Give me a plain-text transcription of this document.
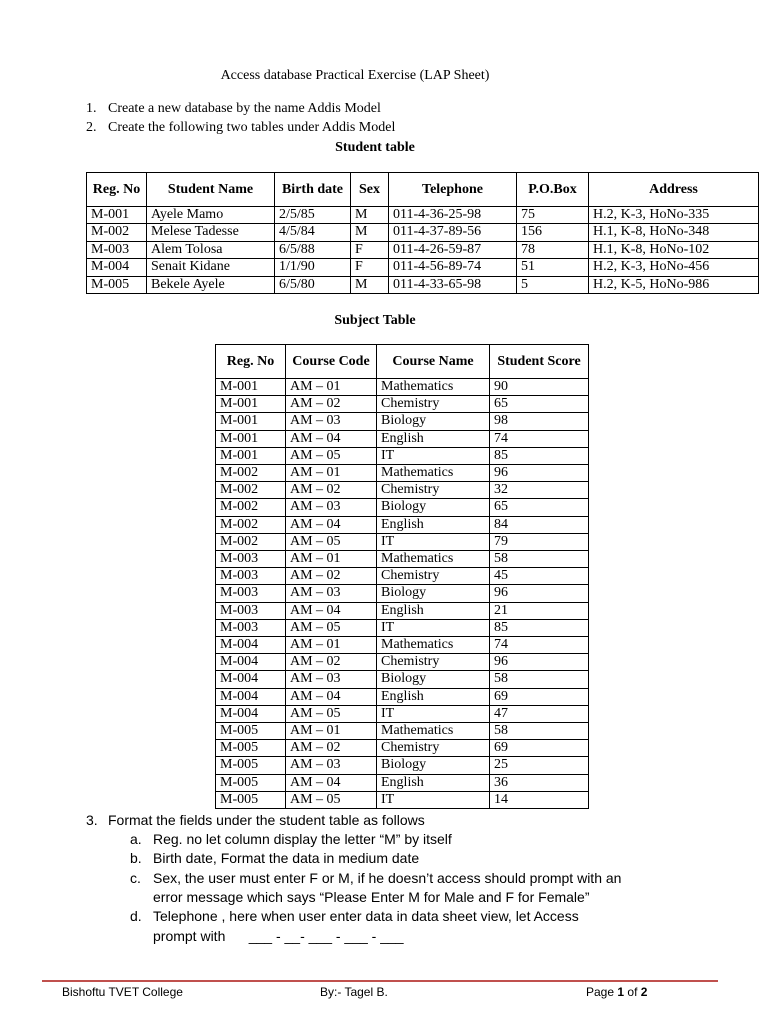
Access database Practical Exercise (LAP Sheet)
1. Create a new database by the name Addis Model
2. Create the following two tables under Addis Model
Student table
Reg. No	Student Name	Birth date	Sex	Telephone	P.O.Box	Address
M-001	Ayele Mamo	2/5/85	M	011-4-36-25-98	75	H.2, K-3, HoNo-335
M-002	Melese Tadesse	4/5/84	M	011-4-37-89-56	156	H.1, K-8, HoNo-348
M-003	Alem Tolosa	6/5/88	F	011-4-26-59-87	78	H.1, K-8, HoNo-102
M-004	Senait Kidane	1/1/90	F	011-4-56-89-74	51	H.2, K-3, HoNo-456
M-005	Bekele Ayele	6/5/80	M	011-4-33-65-98	5	H.2, K-5, HoNo-986
Subject Table
Reg. No	Course Code	Course Name	Student Score
M-001	AM – 01	Mathematics	90
M-001	AM – 02	Chemistry	65
M-001	AM – 03	Biology	98
M-001	AM – 04	English	74
M-001	AM – 05	IT	85
M-002	AM – 01	Mathematics	96
M-002	AM – 02	Chemistry	32
M-002	AM – 03	Biology	65
M-002	AM – 04	English	84
M-002	AM – 05	IT	79
M-003	AM – 01	Mathematics	58
M-003	AM – 02	Chemistry	45
M-003	AM – 03	Biology	96
M-003	AM – 04	English	21
M-003	AM – 05	IT	85
M-004	AM – 01	Mathematics	74
M-004	AM – 02	Chemistry	96
M-004	AM – 03	Biology	58
M-004	AM – 04	English	69
M-004	AM – 05	IT	47
M-005	AM – 01	Mathematics	58
M-005	AM – 02	Chemistry	69
M-005	AM – 03	Biology	25
M-005	AM – 04	English	36
M-005	AM – 05	IT	14
3. Format the fields under the student table as follows
a. Reg. no let column display the letter “M” by itself
b. Birth date, Format the data in medium date
c. Sex, the user must enter F or M, if he doesn’t access should prompt with an
error message which says “Please Enter M for Male and F for Female”
d. Telephone , here when user enter data in data sheet view, let Access
prompt with      ___ - __- ___ - ___ - ___
Bishoftu TVET College	By:- Tagel B.	Page 1 of 2
